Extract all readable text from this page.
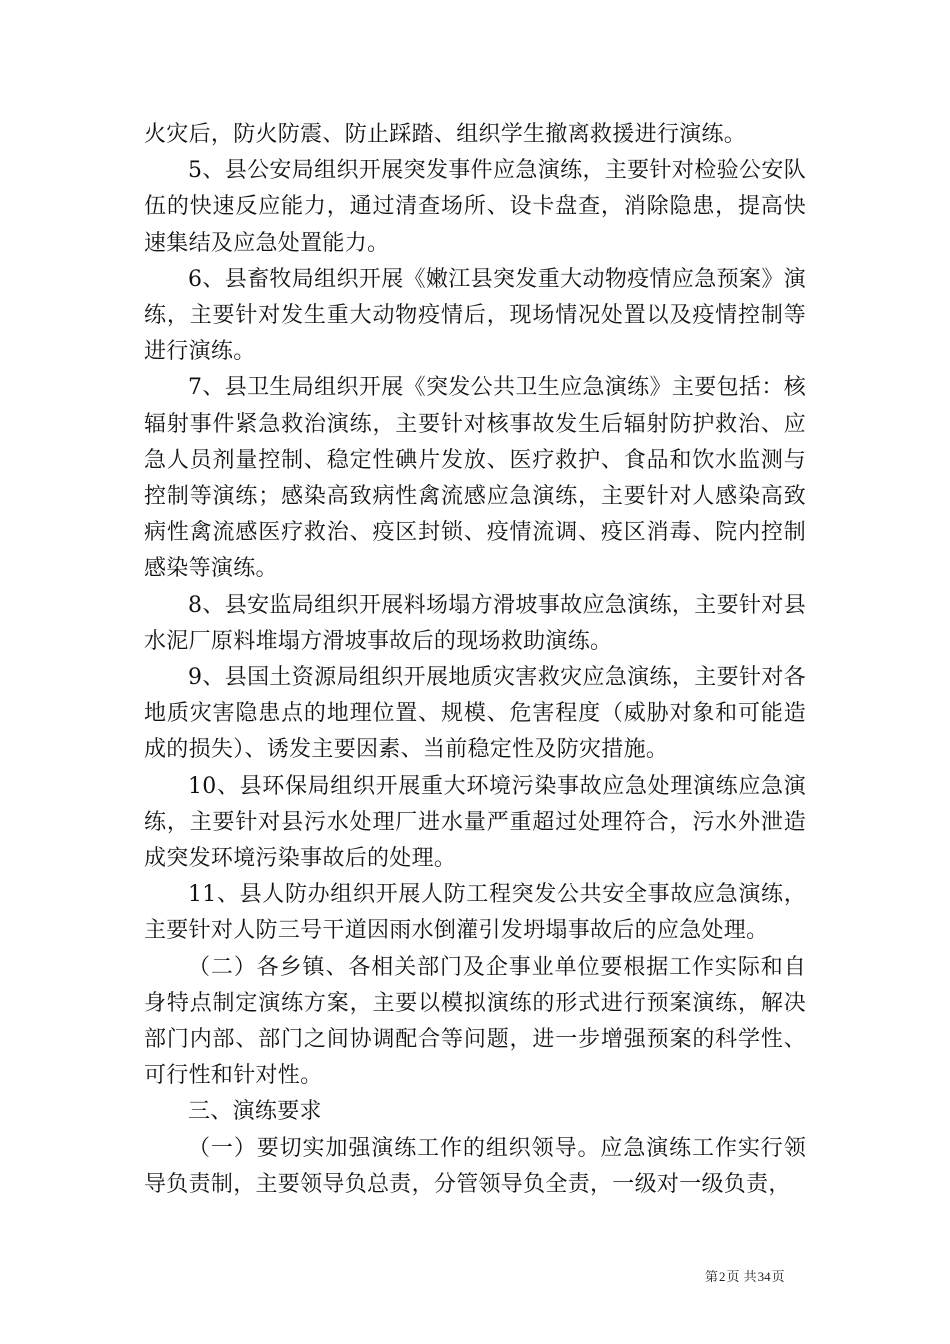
火灾后，防火防震、防止踩踏、组织学生撤离救援进行演练。

5、县公安局组织开展突发事件应急演练，主要针对检验公安队伍的快速反应能力，通过清查场所、设卡盘查，消除隐患，提高快速集结及应急处置能力。

6、县畜牧局组织开展《嫩江县突发重大动物疫情应急预案》演练，主要针对发生重大动物疫情后，现场情况处置以及疫情控制等进行演练。

7、县卫生局组织开展《突发公共卫生应急演练》主要包括：核辐射事件紧急救治演练，主要针对核事故发生后辐射防护救治、应急人员剂量控制、稳定性碘片发放、医疗救护、食品和饮水监测与控制等演练；感染高致病性禽流感应急演练，主要针对人感染高致病性禽流感医疗救治、疫区封锁、疫情流调、疫区消毒、院内控制感染等演练。

8、县安监局组织开展料场塌方滑坡事故应急演练，主要针对县水泥厂原料堆塌方滑坡事故后的现场救助演练。

9、县国土资源局组织开展地质灾害救灾应急演练，主要针对各地质灾害隐患点的地理位置、规模、危害程度（威胁对象和可能造成的损失）、诱发主要因素、当前稳定性及防灾措施。

10、县环保局组织开展重大环境污染事故应急处理演练应急演练，主要针对县污水处理厂进水量严重超过处理符合，污水外泄造成突发环境污染事故后的处理。

11、县人防办组织开展人防工程突发公共安全事故应急演练，主要针对人防三号干道因雨水倒灌引发坍塌事故后的应急处理。

（二）各乡镇、各相关部门及企事业单位要根据工作实际和自身特点制定演练方案，主要以模拟演练的形式进行预案演练，解决部门内部、部门之间协调配合等问题，进一步增强预案的科学性、可行性和针对性。

三、演练要求

（一）要切实加强演练工作的组织领导。应急演练工作实行领导负责制，主要领导负总责，分管领导负全责，一级对一级负责，

第2页 共34页
